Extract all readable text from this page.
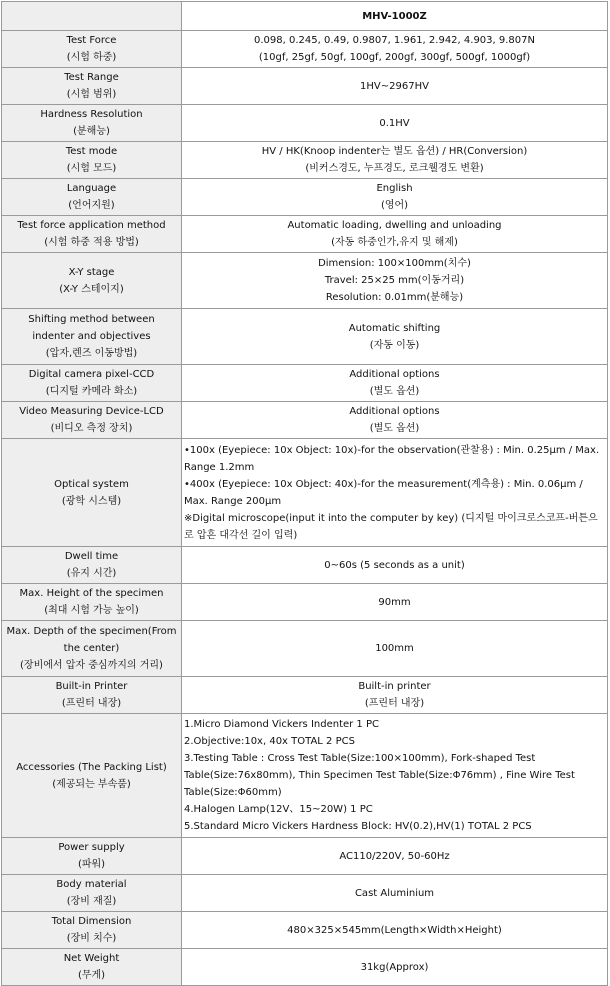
	MHV-1000Z

Test Force
(시험 하중)	0.098, 0.245, 0.49, 0.9807, 1.961, 2.942, 4.903, 9.807N
(10gf, 25gf, 50gf, 100gf, 200gf, 300gf, 500gf, 1000gf)

Test Range
(시험 범위)	1HV~2967HV

Hardness Resolution
(분해능)	0.1HV

Test mode
(시험 모드)	HV / HK(Knoop indenter는 별도 옵션) / HR(Conversion)
(비커스경도, 누프경도, 로크웰경도 변환)

Language
(언어지원)	English
(영어)

Test force application method
(시험 하중 적용 방법)	Automatic loading, dwelling and unloading
(자동 하중인가,유지 및 해제)

X-Y stage
(X-Y 스테이지)	Dimension: 100×100mm(치수)
Travel: 25×25 mm(이동거리)
Resolution: 0.01mm(분해능)

Shifting method between
indenter and objectives
(압자,렌즈 이동방법)	Automatic shifting
(자동 이동)

Digital camera pixel-CCD
(디지털 카메라 화소)	Additional options
(별도 옵션)

Video Measuring Device-LCD
(비디오 측정 장치)	Additional options
(별도 옵션)

Optical system
(광학 시스템)	•100x (Eyepiece: 10x Object: 10x)-for the observation(관찰용) : Min. 0.25μm / Max. Range 1.2mm
•400x (Eyepiece: 10x Object: 40x)-for the measurement(계측용) : Min. 0.06μm / Max. Range 200μm
※Digital microscope(input it into the computer by key) (디지털 마이크로스코프-버튼으로 압흔 대각선 길이 입력)

Dwell time
(유지 시간)	0~60s (5 seconds as a unit)

Max. Height of the specimen
(최대 시험 가능 높이)	90mm

Max. Depth of the specimen(From the center)
(장비에서 압자 중심까지의 거리)	100mm

Built-in Printer
(프린터 내장)	Built-in printer
(프린터 내장)

Accessories (The Packing List)
(제공되는 부속품)	1.Micro Diamond Vickers Indenter 1 PC
2.Objective:10x, 40x TOTAL 2 PCS
3.Testing Table : Cross Test Table(Size:100×100mm), Fork-shaped Test Table(Size:76x80mm), Thin Specimen Test Table(Size:Φ76mm) , Fine Wire Test Table(Size:Φ60mm)
4.Halogen Lamp(12V、15~20W) 1 PC
5.Standard Micro Vickers Hardness Block: HV(0.2),HV(1) TOTAL 2 PCS

Power supply
(파워)	AC110/220V, 50-60Hz

Body material
(장비 재질)	Cast Aluminium

Total Dimension
(장비 치수)	480×325×545mm(Length×Width×Height)

Net Weight
(무게)	31kg(Approx)
